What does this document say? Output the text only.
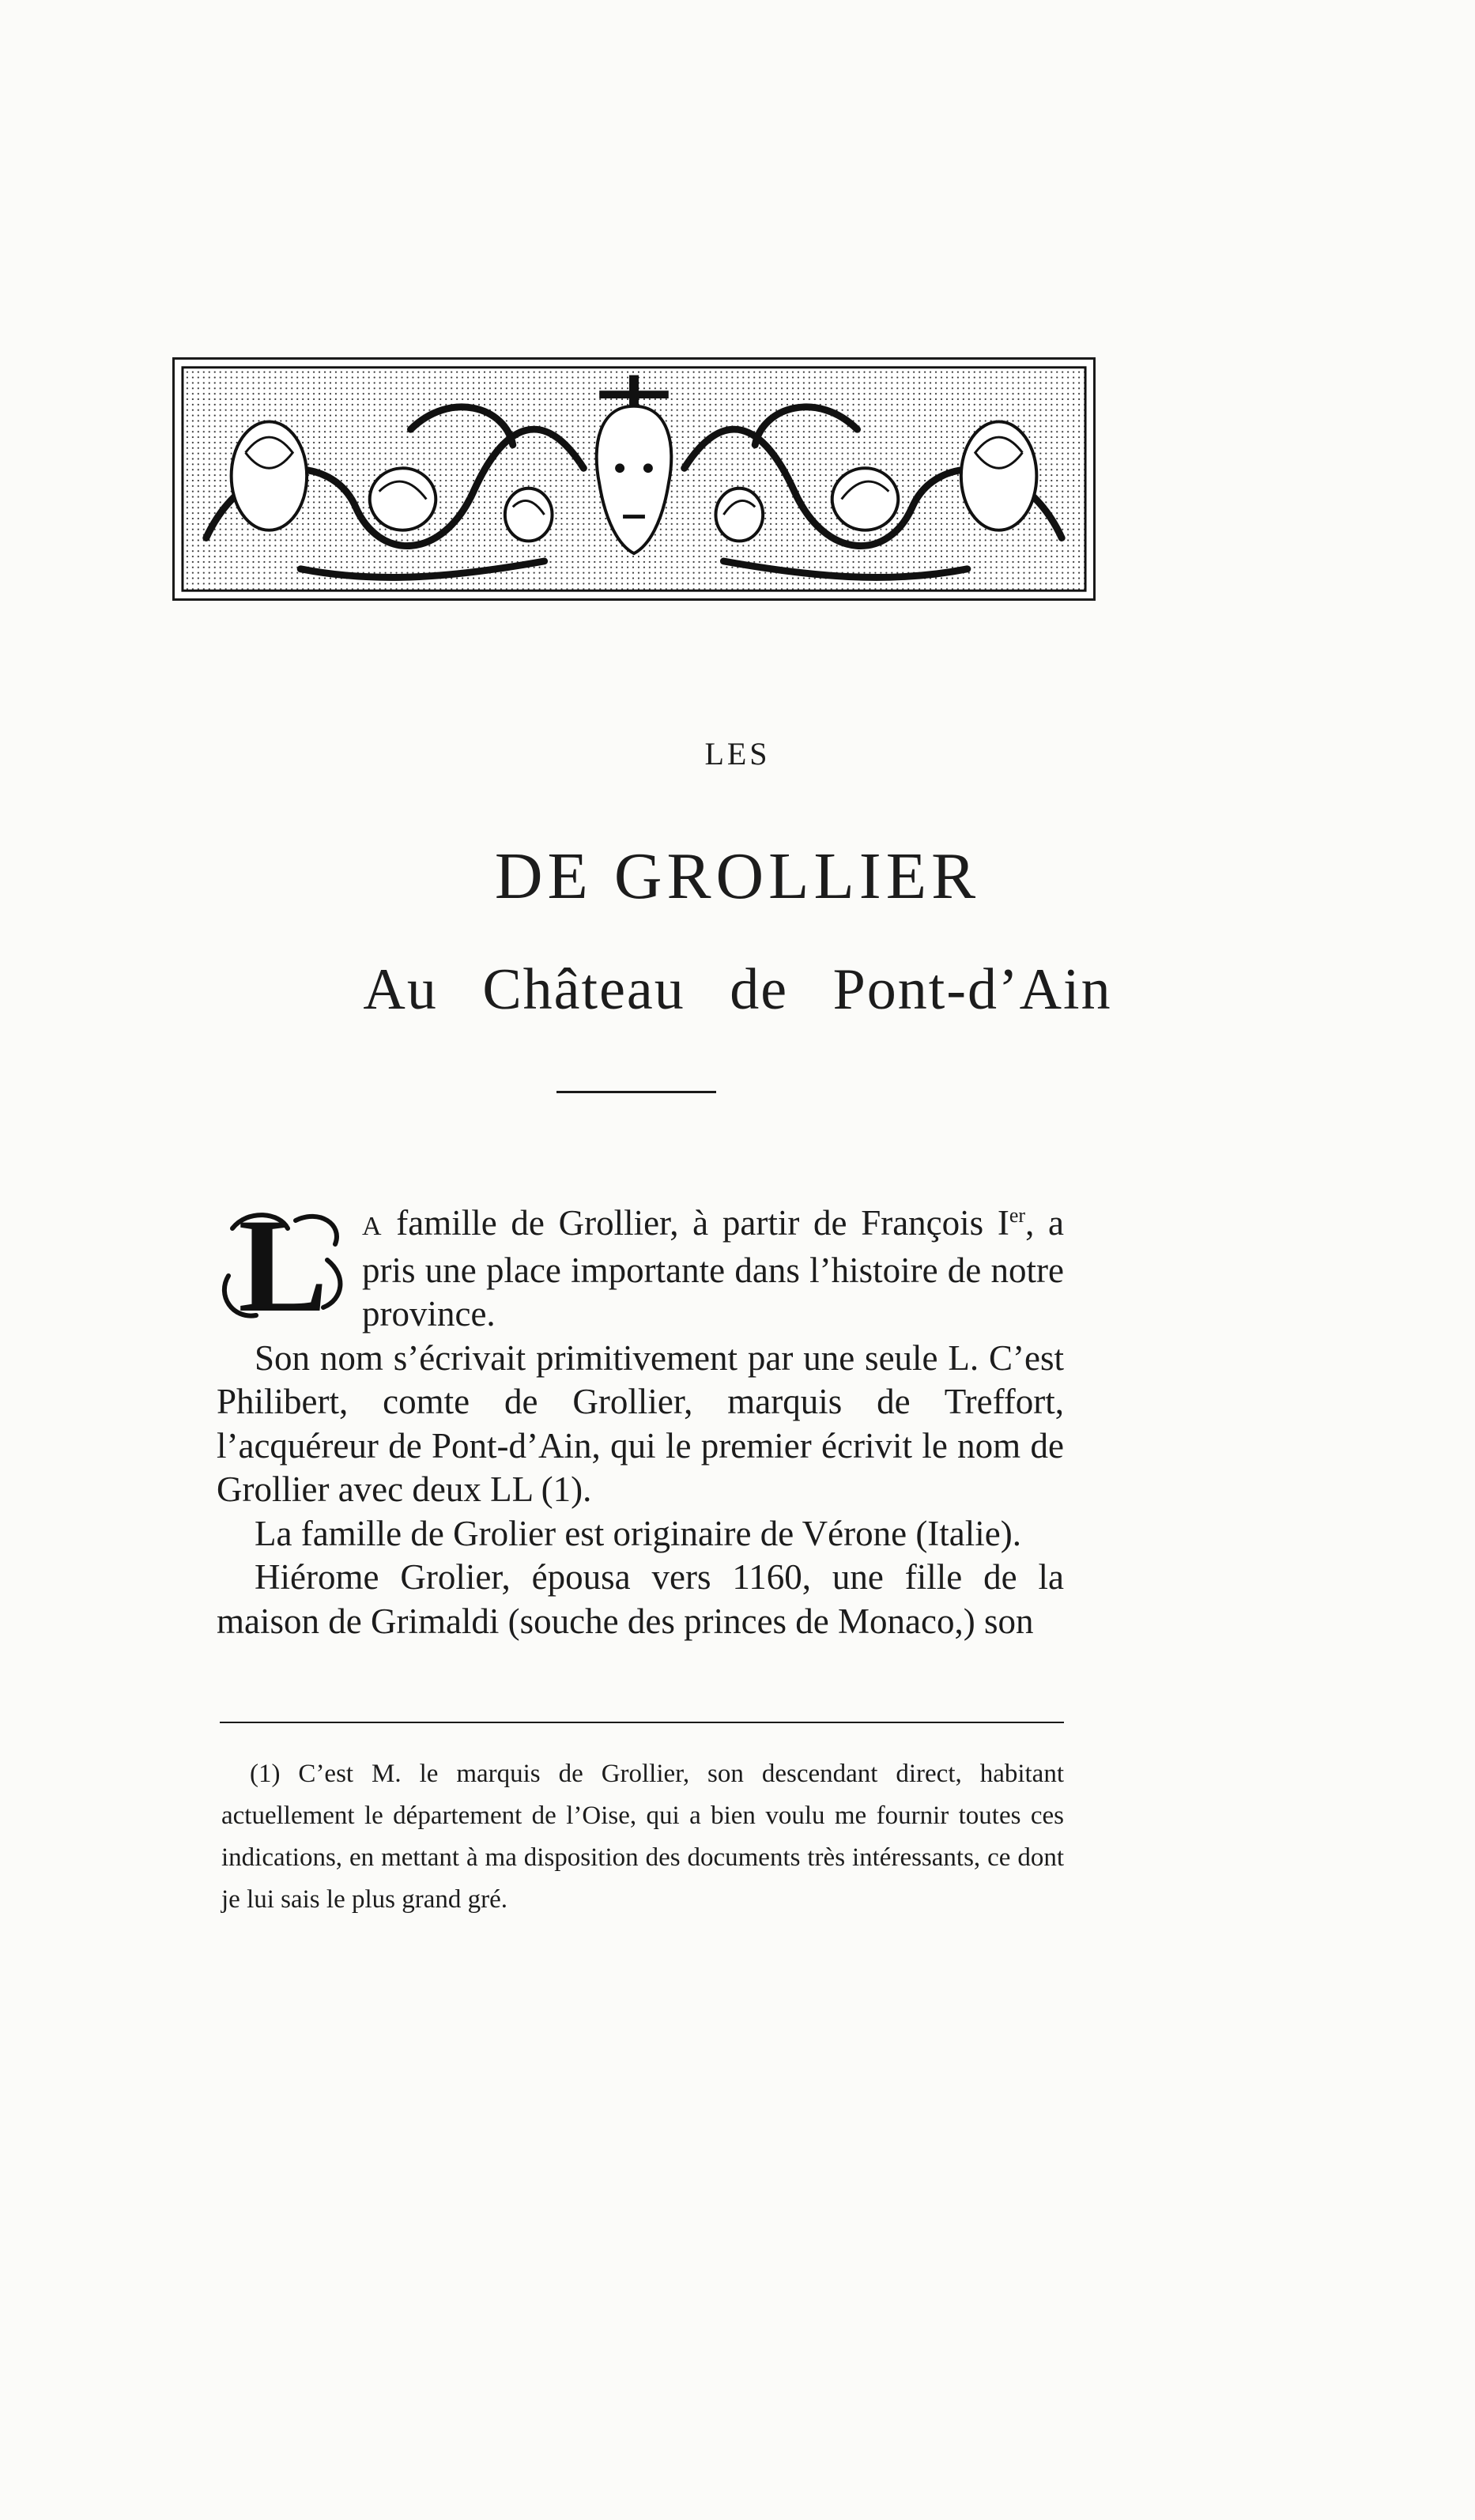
LES
DE GROLLIER
Au Château de Pont-d’Ain

L	A famille de Grollier, à partir de François Ier, a pris une place importante dans l’histoire de notre province.

Son nom s’écrivait primitivement par une seule L. C’est Philibert, comte de Grollier, marquis de Treffort, l’acquéreur de Pont-d’Ain, qui le premier écrivit le nom de Grollier avec deux LL (1).

La famille de Grolier est originaire de Vérone (Italie).

Hiérome Grolier, épousa vers 1160, une fille de la maison de Grimaldi (souche des princes de Monaco,) son

(1) C’est M. le marquis de Grollier, son descendant direct, habitant actuellement le département de l’Oise, qui a bien voulu me fournir toutes ces indications, en mettant à ma disposition des documents très intéressants, ce dont je lui sais le plus grand gré.
